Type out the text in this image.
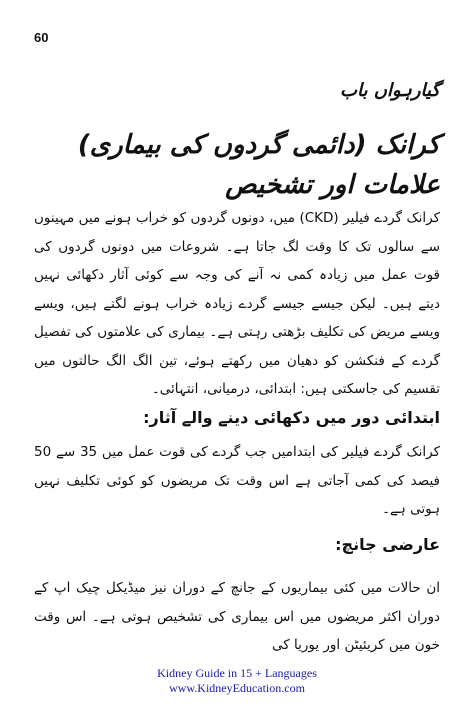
60
گیارہواں باب
کرانک (دائمی گردوں کی بیماری) علامات اور تشخیص
کرانک گردے فیلیر (CKD) میں، دونوں گردوں کو خراب ہونے میں مہینوں سے سالوں تک کا وقت لگ جاتا ہے۔ شروعات میں دونوں گردوں کی قوت عمل میں زیادہ کمی نہ آنے کی وجہ سے کوئی آثار دکھائی نہیں دیتے ہیں۔ لیکن جیسے جیسے گردے زیادہ خراب ہونے لگتے ہیں، ویسے ویسے مریض کی تکلیف بڑھتی رہتی ہے۔ بیماری کی علامتوں کی تفصیل گردے کے فنکشن کو دھیان میں رکھتے ہوئے، تین الگ الگ حالتوں میں تقسیم کی جاسکتی ہیں: ابتدائی، درمیانی، انتہائی۔
ابتدائی دور میں دکھائی دینے والے آثار:
کرانک گردے فیلیر کی ابتدامیں جب گردے کی قوت عمل میں 35 سے 50 فیصد کی کمی آجاتی ہے اس وقت تک مریضوں کو کوئی تکلیف نہیں ہوتی ہے۔
عارضی جانچ:
ان حالات میں کئی بیماریوں کے جانچ کے دوران نیز میڈیکل چیک اپ کے دوران اکثر مریضوں میں اس بیماری کی تشخیص ہوتی ہے۔ اس وقت خون میں کریئیٹن اور یوریا کی
Kidney Guide in 15 + Languages
www.KidneyEducation.com
